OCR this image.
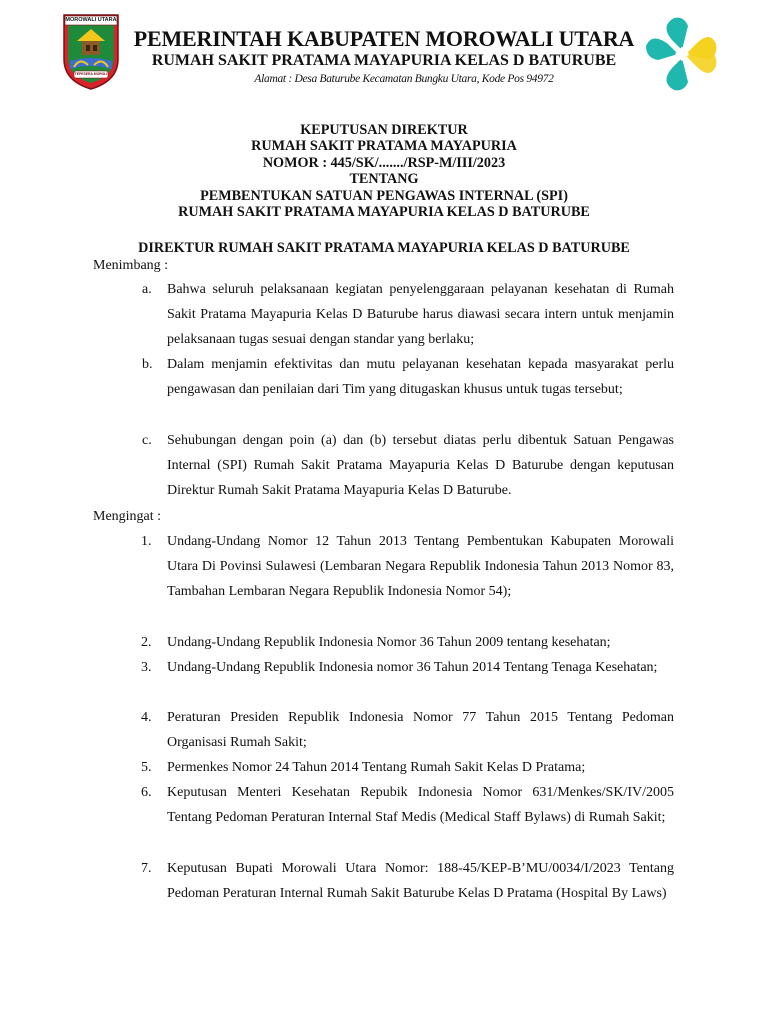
MOROWALI UTARA
TEPESERA MOROLI
PEMERINTAH KABUPATEN MOROWALI UTARA
RUMAH SAKIT PRATAMA MAYAPURIA KELAS D BATURUBE
Alamat : Desa Baturube Kecamatan Bungku Utara, Kode Pos 94972
KEPUTUSAN DIREKTUR
RUMAH SAKIT PRATAMA MAYAPURIA
NOMOR : 445/SK/......./RSP-M/III/2023
TENTANG
PEMBENTUKAN SATUAN PENGAWAS INTERNAL (SPI)
RUMAH SAKIT PRATAMA MAYAPURIA KELAS D BATURUBE
DIREKTUR RUMAH SAKIT PRATAMA MAYAPURIA KELAS D BATURUBE
Menimbang :
a. Bahwa seluruh pelaksanaan kegiatan penyelenggaraan pelayanan kesehatan di Rumah Sakit Pratama Mayapuria Kelas D Baturube harus diawasi secara intern untuk menjamin pelaksanaan tugas sesuai dengan standar yang berlaku;
b. Dalam menjamin efektivitas dan mutu pelayanan kesehatan kepada masyarakat perlu pengawasan dan penilaian dari Tim yang ditugaskan khusus untuk tugas tersebut;
c. Sehubungan dengan poin (a) dan (b) tersebut diatas perlu dibentuk Satuan Pengawas Internal (SPI) Rumah Sakit Pratama Mayapuria Kelas D Baturube dengan keputusan Direktur Rumah Sakit Pratama Mayapuria Kelas D Baturube.
Mengingat :
1. Undang-Undang Nomor 12 Tahun 2013 Tentang Pembentukan Kabupaten Morowali Utara Di Povinsi Sulawesi (Lembaran Negara Republik Indonesia Tahun 2013 Nomor 83, Tambahan Lembaran Negara Republik Indonesia Nomor 54);
2. Undang-Undang Republik Indonesia Nomor 36 Tahun 2009 tentang kesehatan;
3. Undang-Undang Republik Indonesia nomor 36 Tahun 2014 Tentang Tenaga Kesehatan;
4. Peraturan Presiden Republik Indonesia Nomor 77 Tahun 2015 Tentang Pedoman Organisasi Rumah Sakit;
5. Permenkes Nomor 24 Tahun 2014 Tentang Rumah Sakit Kelas D Pratama;
6. Keputusan Menteri Kesehatan Repubik Indonesia Nomor 631/Menkes/SK/IV/2005 Tentang Pedoman Peraturan Internal Staf Medis (Medical Staff Bylaws) di Rumah Sakit;
7. Keputusan Bupati Morowali Utara Nomor: 188-45/KEP-B’MU/0034/I/2023 Tentang Pedoman Peraturan Internal Rumah Sakit Baturube Kelas D Pratama (Hospital By Laws)
